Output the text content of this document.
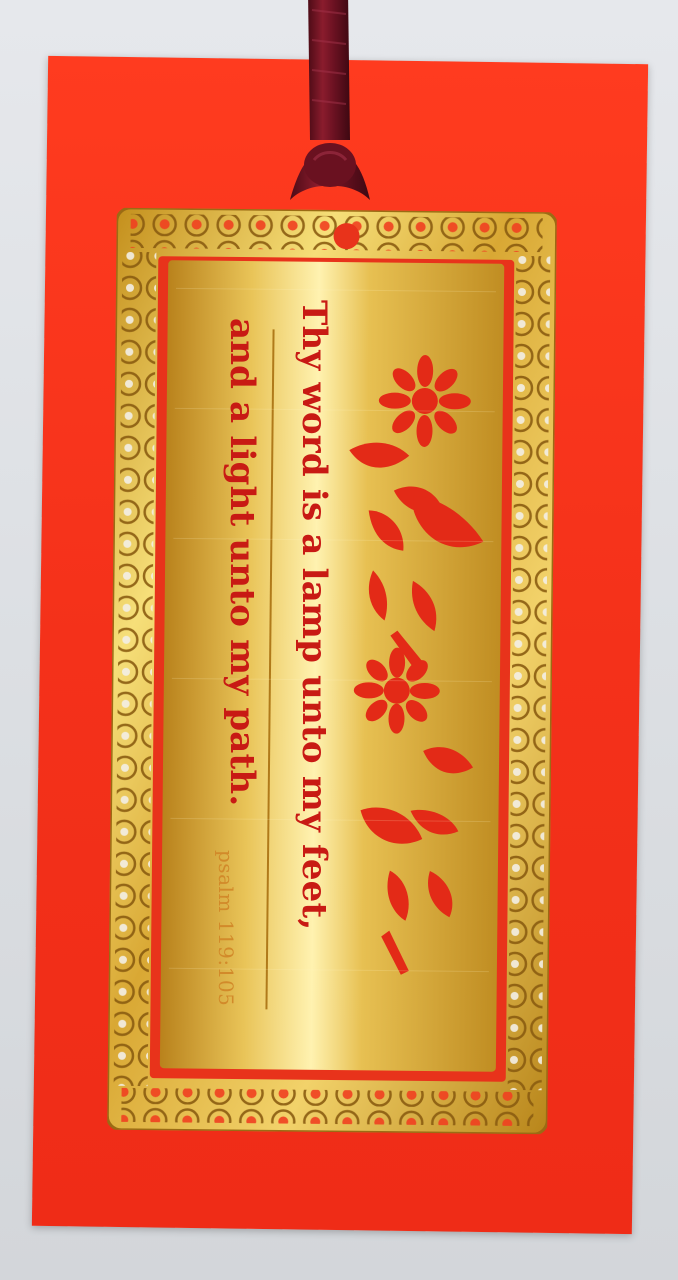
Thy word is a lamp unto my feet,
and a light unto my path.
psalm 119:105
